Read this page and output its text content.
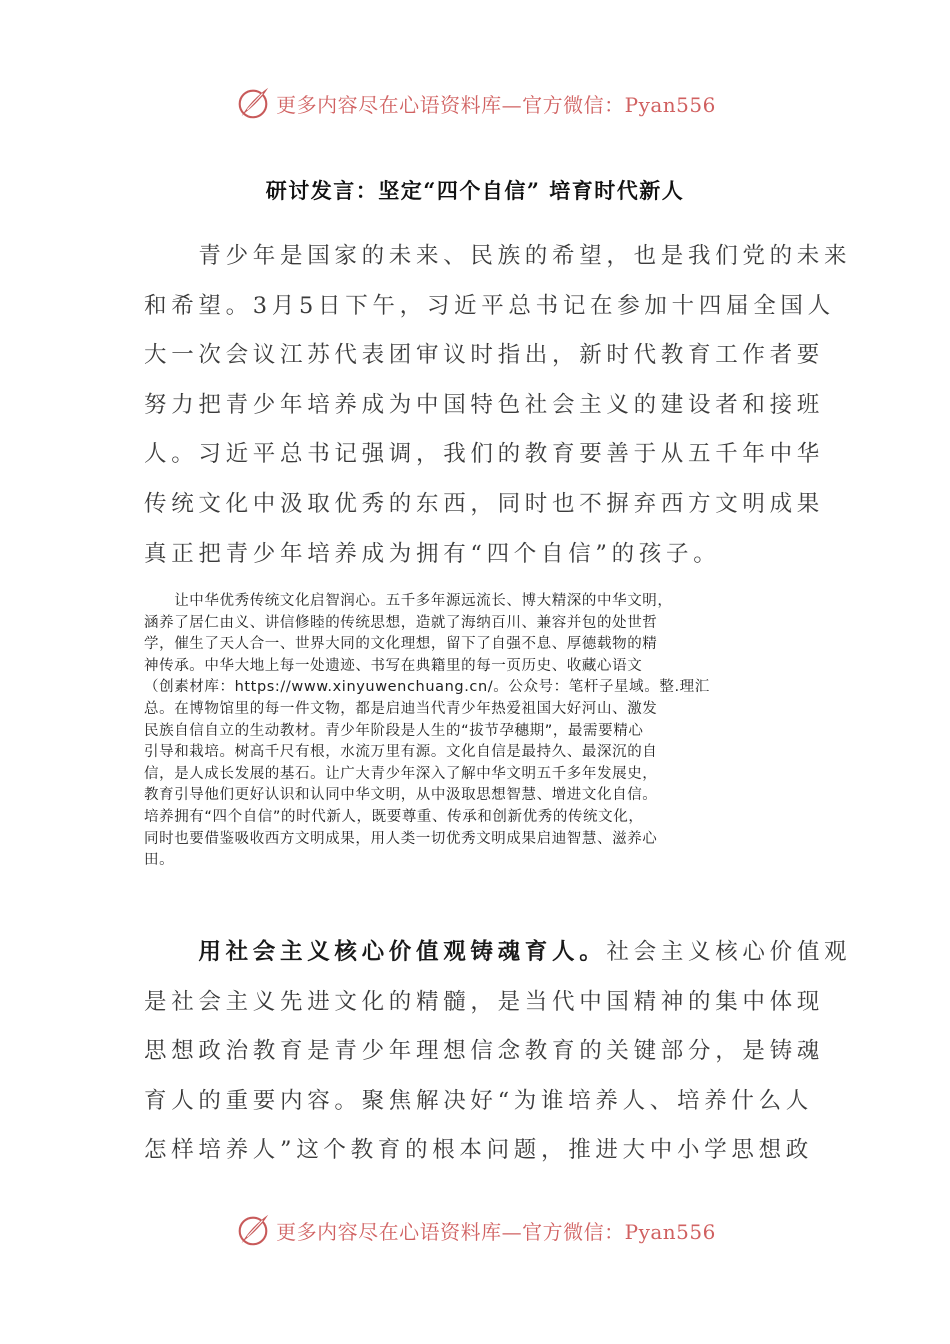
更多内容尽在心语资料库—官方微信：Pyan556
研讨发言：坚定“四个自信” 培育时代新人
　　青少年是国家的未来、民族的希望，也是我们党的未来
和希望。3月5日下午，习近平总书记在参加十四届全国人
大一次会议江苏代表团审议时指出，新时代教育工作者要
努力把青少年培养成为中国特色社会主义的建设者和接班
人。习近平总书记强调，我们的教育要善于从五千年中华
传统文化中汲取优秀的东西，同时也不摒弃西方文明成果
真正把青少年培养成为拥有“四个自信”的孩子。
　　让中华优秀传统文化启智润心。五千多年源远流长、博大精深的中华文明，
涵养了居仁由义、讲信修睦的传统思想，造就了海纳百川、兼容并包的处世哲
学，催生了天人合一、世界大同的文化理想，留下了自强不息、厚德载物的精
神传承。中华大地上每一处遗迹、书写在典籍里的每一页历史、收藏心语文
（创素材库：https://www.xinyuwenchuang.cn/。公众号：笔杆子星域。整.理汇
总。在博物馆里的每一件文物，都是启迪当代青少年热爱祖国大好河山、激发
民族自信自立的生动教材。青少年阶段是人生的“拔节孕穗期”，最需要精心
引导和栽培。树高千尺有根，水流万里有源。文化自信是最持久、最深沉的自
信，是人成长发展的基石。让广大青少年深入了解中华文明五千多年发展史，
教育引导他们更好认识和认同中华文明，从中汲取思想智慧、增进文化自信。
培养拥有“四个自信”的时代新人，既要尊重、传承和创新优秀的传统文化，
同时也要借鉴吸收西方文明成果，用人类一切优秀文明成果启迪智慧、滋养心
田。
　　用社会主义核心价值观铸魂育人。社会主义核心价值观
是社会主义先进文化的精髓，是当代中国精神的集中体现
思想政治教育是青少年理想信念教育的关键部分，是铸魂
育人的重要内容。聚焦解决好“为谁培养人、培养什么人
怎样培养人”这个教育的根本问题，推进大中小学思想政
更多内容尽在心语资料库—官方微信：Pyan556
